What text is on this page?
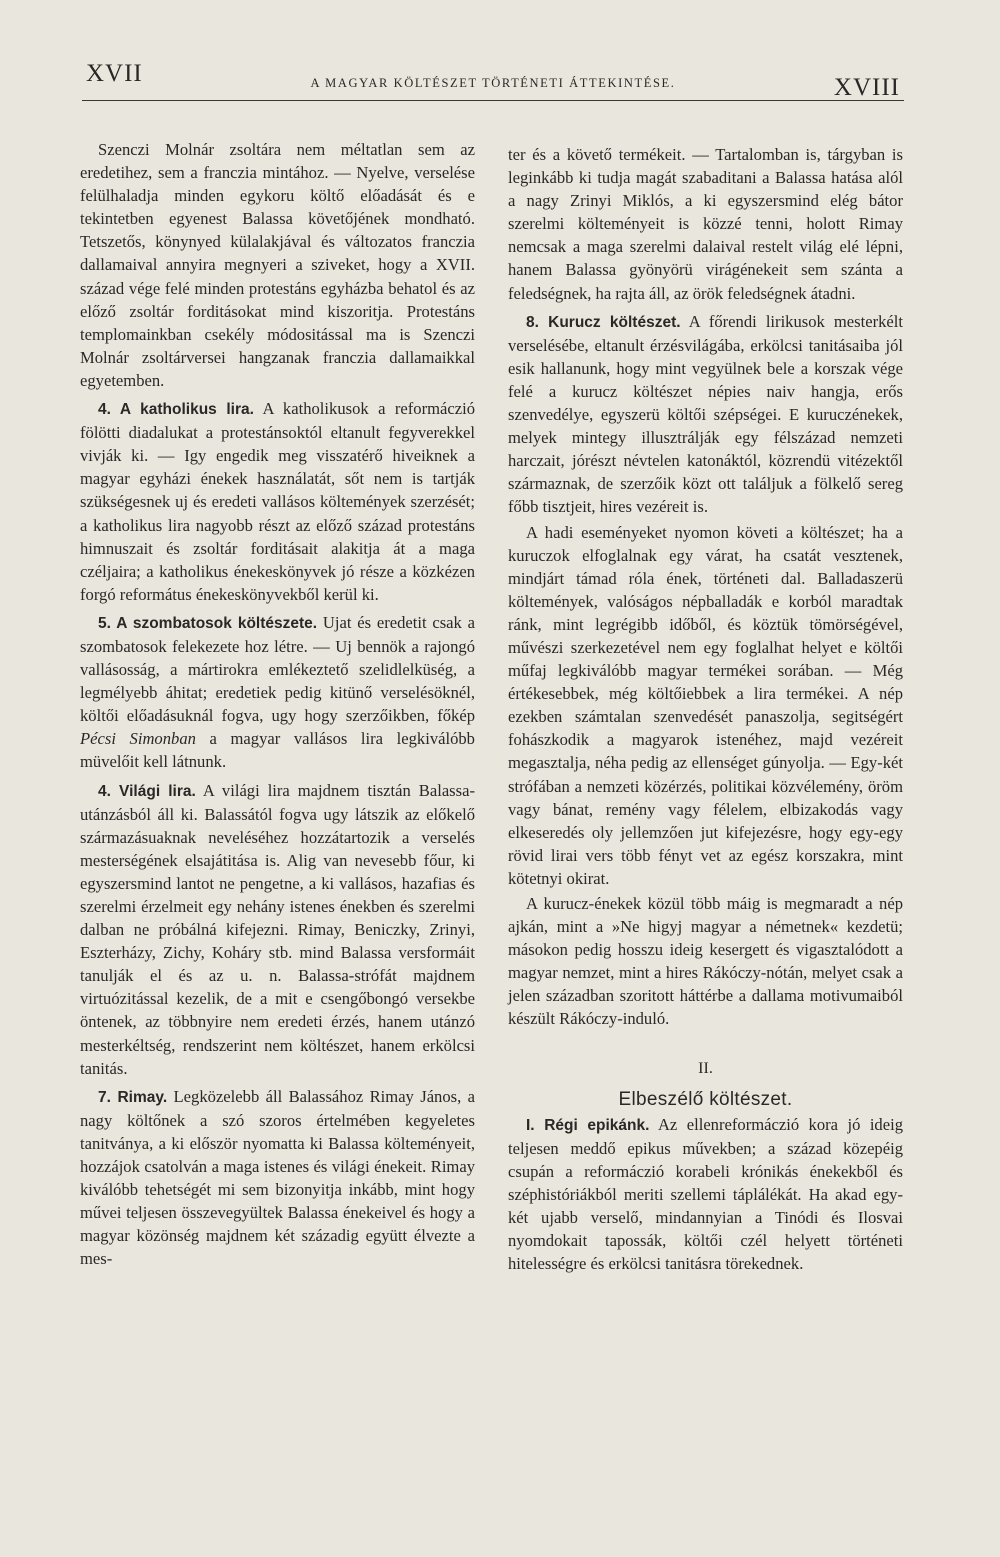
XVII	A MAGYAR KÖLTÉSZET TÖRTÉNETI ÁTTEKINTÉSE.	XVIII

Szenczi Molnár zsoltára nem méltatlan sem az eredetihez, sem a franczia mintához. — Nyelve, verselése felülhaladja minden egykoru költő előadását és e tekintetben egyenest Balassa követőjének mondható. Tetszetős, könynyed külalakjával és változatos franczia dallamaival annyira megnyeri a sziveket, hogy a XVII. század vége felé minden protestáns egyházba behatol és az előző zsoltár forditásokat mind kiszoritja. Protestáns templomainkban csekély módositással ma is Szenczi Molnár zsoltárversei hangzanak franczia dallamaikkal egyetemben.

4. A katholikus lira. A katholikusok a reformáczió fölötti diadalukat a protestánsoktól eltanult fegyverekkel vivják ki. — Igy engedik meg visszatérő hiveiknek a magyar egyházi énekek használatát, sőt nem is tartják szükségesnek uj és eredeti vallásos költemények szerzését; a katholikus lira nagyobb részt az előző század protestáns himnuszait és zsoltár forditásait alakitja át a maga czéljaira; a katholikus énekeskönyvek jó része a közkézen forgó református énekeskönyvekből kerül ki.

5. A szombatosok költészete. Ujat és eredetit csak a szombatosok felekezete hoz létre. — Uj bennök a rajongó vallásosság, a mártirokra emlékeztető szelidlelküség, a legmélyebb áhitat; eredetiek pedig kitünő verselésöknél, költői előadásuknál fogva, ugy hogy szerzőikben, főkép Pécsi Simonban a magyar vallásos lira legkiválóbb müvelőit kell látnunk.

4. Világi lira. A világi lira majdnem tisztán Balassa-utánzásból áll ki. Balassától fogva ugy látszik az előkelő származásuaknak neveléséhez hozzátartozik a verselés mesterségének elsajátitása is. Alig van nevesebb főur, ki egyszersmind lantot ne pengetne, a ki vallásos, hazafias és szerelmi érzelmeit egy nehány istenes énekben és szerelmi dalban ne próbálná kifejezni. Rimay, Beniczky, Zrinyi, Eszterházy, Zichy, Kohárу stb. mind Balassa versformáit tanulják el és az u. n. Balassa-strófát majdnem virtuózitással kezelik, de a mit e csengőbongó versekbe öntenek, az többnyire nem eredeti érzés, hanem utánzó mesterkéltség, rendszerint nem költészet, hanem erkölcsi tanitás.

7. Rimay. Legközelebb áll Balassához Rimay János, a nagy költőnek a szó szoros értelmében kegyeletes tanitványa, a ki először nyomatta ki Balassa költeményeit, hozzájok csatolván a maga istenes és világi énekeit. Rimay kiválóbb tehetségét mi sem bizonyitja inkább, mint hogy művei teljesen összevegyültek Balassa énekeivel és hogy a magyar közönség majdnem két századig együtt élvezte a mes-

ter és a követő termékeit. — Tartalomban is, tárgyban is leginkább ki tudja magát szabaditani a Balassa hatása alól a nagy Zrinyi Miklós, a ki egyszersmind elég bátor szerelmi költeményeit is közzé tenni, holott Rimay nemcsak a maga szerelmi dalaival restelt világ elé lépni, hanem Balassa gyönyörü virágénekeit sem szánta a feledségnek, ha rajta áll, az örök feledségnek átadni.

8. Kurucz költészet. A főrendi lirikusok mesterkélt verselésébe, eltanult érzésvilágába, erkölcsi tanitásaiba jól esik hallanunk, hogy mint vegyülnek bele a korszak vége felé a kurucz költészet népies naiv hangja, erős szenvedélye, egyszerü költői szépségei. E kuruczénekek, melyek mintegy illusztrálják egy félszázad nemzeti harczait, jórészt névtelen katonáktól, közrendü vitézektől származnak, de szerzőik közt ott találjuk a fölkelő sereg főbb tisztjeit, hires vezéreit is.

A hadi eseményeket nyomon követi a költészet; ha a kuruczok elfoglalnak egy várat, ha csatát vesztenek, mindjárt támad róla ének, történeti dal. Balladaszerü költemények, valóságos népballadák e korból maradtak ránk, mint legrégibb időből, és köztük tömörségével, művészi szerkezetével nem egy foglalhat helyet e költői műfaj legkiválóbb magyar termékei sorában. — Még értékesebbek, még költőiebbek a lira termékei. A nép ezekben számtalan szenvedését panaszolja, segitségért fohászkodik a magyarok istenéhez, majd vezéreit megasztalja, néha pedig az ellenséget gúnyolja. — Egy-két strófában a nemzeti közérzés, politikai közvélemény, öröm vagy bánat, remény vagy félelem, elbizakodás vagy elkeseredés oly jellemzően jut kifejezésre, hogy egy-egy rövid lirai vers több fényt vet az egész korszakra, mint kötetnyi okirat.

A kurucz-énekek közül több máig is megmaradt a nép ajkán, mint a »Ne higyj magyar a németnek« kezdetü; másokon pedig hosszu ideig kesergett és vigasztalódott a magyar nemzet, mint a hires Rákóczy-nótán, melyet csak a jelen században szoritott háttérbe a dallama motivumaiból készült Rákóczy-induló.

II.

Elbeszélő költészet.

I. Régi epikánk. Az ellenreformáczió kora jó ideig teljesen meddő epikus művekben; a század közepéig csupán a reformáczió korabeli krónikás énekekből és széphistóriákból meriti szellemi táplálékát. Ha akad egy-két ujabb verselő, mindannyian a Tinódi és Ilosvai nyomdokait tapossák, költői czél helyett történeti hitelességre és erkölcsi tanitásra törekednek.
